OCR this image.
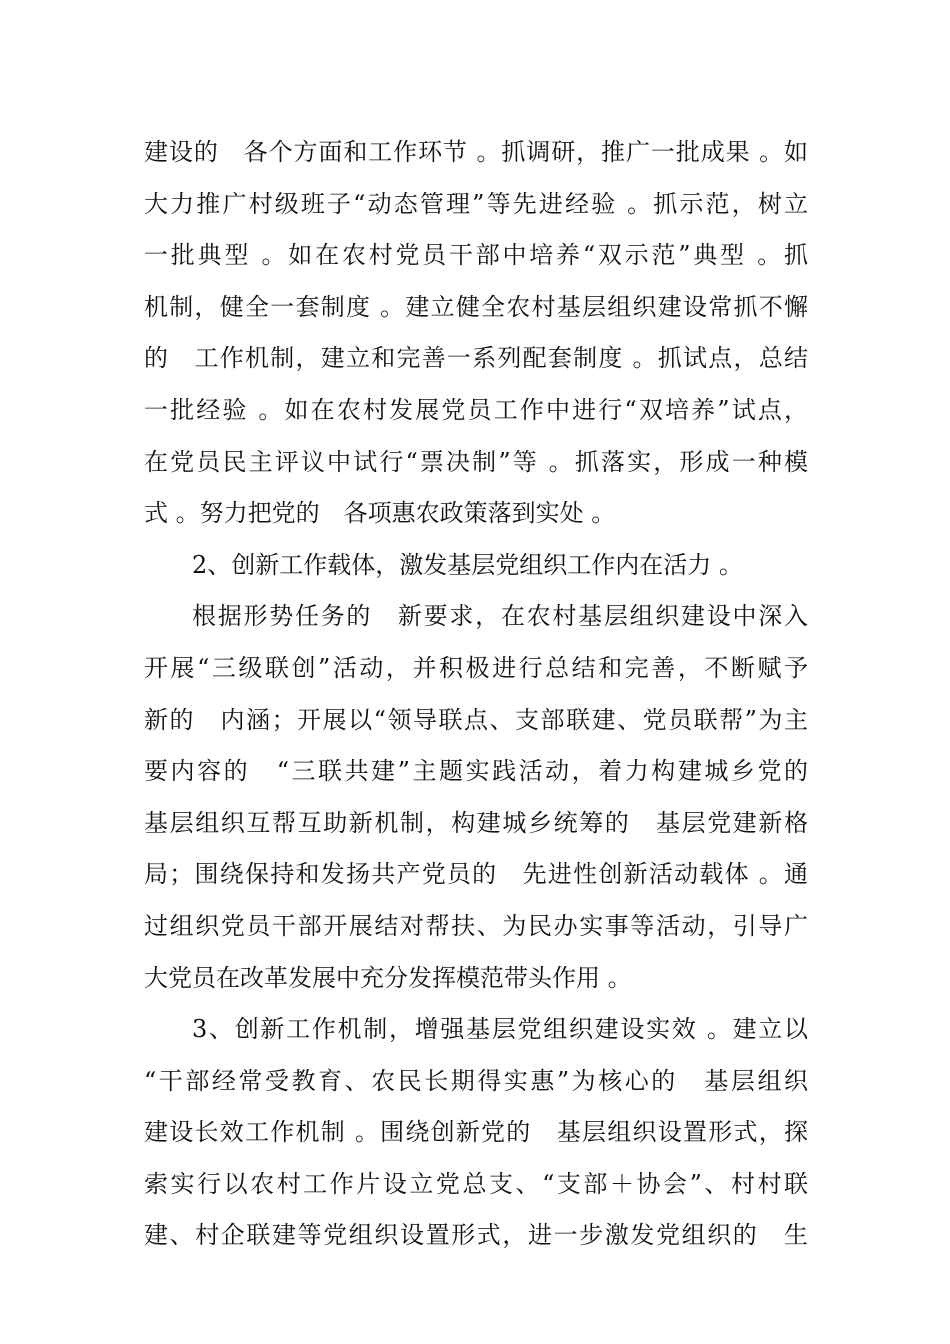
建设的　各个方面和工作环节 。抓调研，推广一批成果 。如
大力推广村级班子“动态管理”等先进经验 。抓示范，树立
一批典型 。如在农村党员干部中培养“双示范”典型 。抓
机制，健全一套制度 。建立健全农村基层组织建设常抓不懈
的　工作机制，建立和完善一系列配套制度 。抓试点，总结
一批经验 。如在农村发展党员工作中进行“双培养”试点，
在党员民主评议中试行“票决制”等 。抓落实，形成一种模
式 。努力把党的　各项惠农政策落到实处 。
2、创新工作载体，激发基层党组织工作内在活力 。
根据形势任务的　新要求，在农村基层组织建设中深入
开展“三级联创”活动，并积极进行总结和完善，不断赋予
新的　内涵；开展以“领导联点、支部联建、党员联帮”为主
要内容的　“三联共建”主题实践活动，着力构建城乡党的
基层组织互帮互助新机制，构建城乡统筹的　基层党建新格
局；围绕保持和发扬共产党员的　先进性创新活动载体 。通
过组织党员干部开展结对帮扶、为民办实事等活动，引导广
大党员在改革发展中充分发挥模范带头作用 。
3、创新工作机制，增强基层党组织建设实效 。建立以
“干部经常受教育、农民长期得实惠”为核心的　基层组织
建设长效工作机制 。围绕创新党的　基层组织设置形式，探
索实行以农村工作片设立党总支、“支部＋协会”、村村联
建、村企联建等党组织设置形式，进一步激发党组织的　生
